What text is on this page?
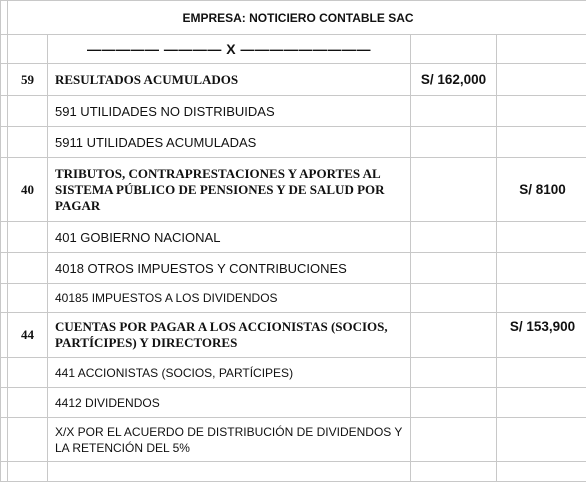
	EMPRESA: NOTICIERO CONTABLE SAC			
		————— ———— X —————————		
	59	RESULTADOS ACUMULADOS	S/ 162,000	
		591 UTILIDADES NO DISTRIBUIDAS		
		5911 UTILIDADES ACUMULADAS		
	40	TRIBUTOS, CONTRAPRESTACIONES Y APORTES AL SISTEMA PÚBLICO DE PENSIONES Y DE SALUD POR PAGAR		S/ 8100
		401 GOBIERNO NACIONAL		
		4018 OTROS IMPUESTOS Y CONTRIBUCIONES		
		40185 IMPUESTOS A LOS DIVIDENDOS		
	44	CUENTAS POR PAGAR A LOS ACCIONISTAS (SOCIOS, PARTÍCIPES) Y DIRECTORES		S/ 153,900
		441 ACCIONISTAS (SOCIOS, PARTÍCIPES)		
		4412 DIVIDENDOS		
		X/X POR EL ACUERDO DE DISTRIBUCIÓN DE DIVIDENDOS Y LA RETENCIÓN DEL 5%		
